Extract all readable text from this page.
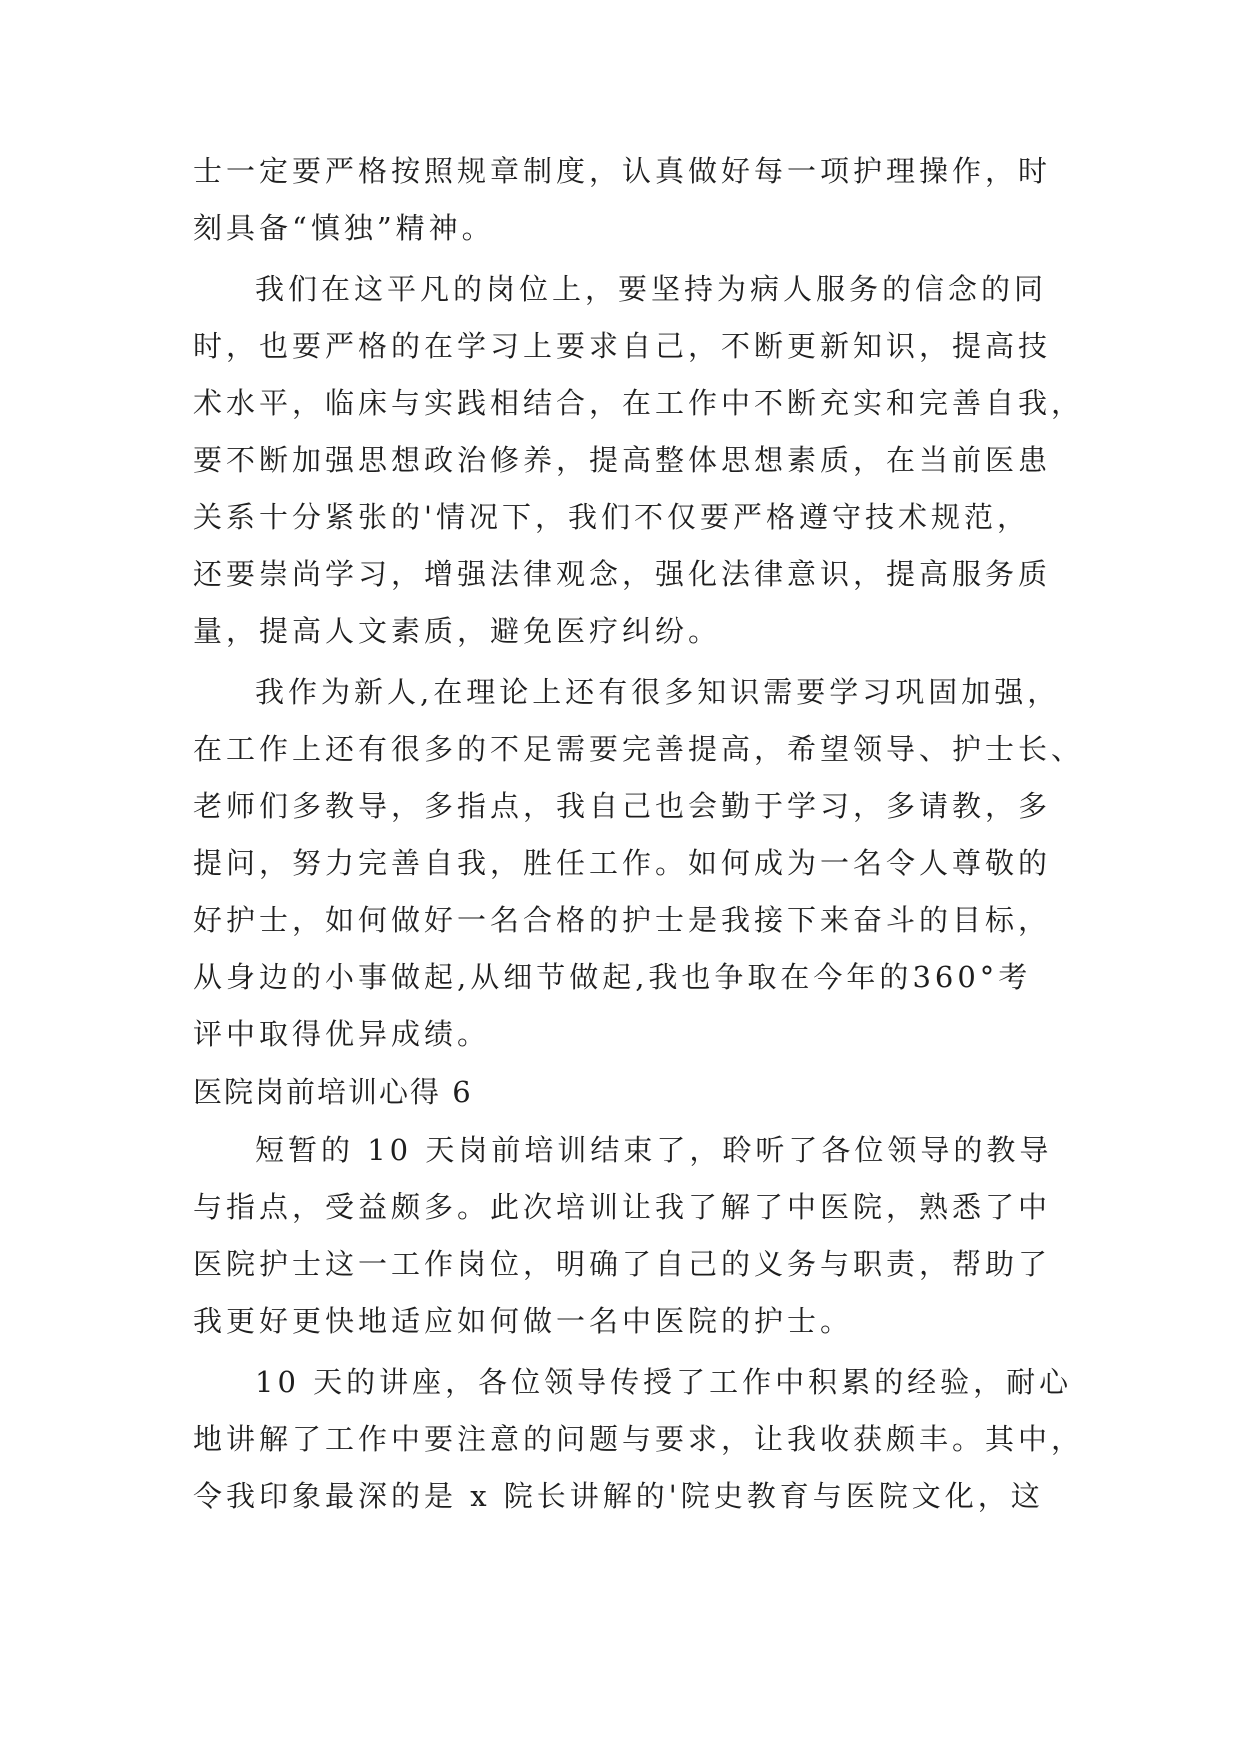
士一定要严格按照规章制度，认真做好每一项护理操作，时
刻具备“慎独”精神。
我们在这平凡的岗位上，要坚持为病人服务的信念的同
时，也要严格的在学习上要求自己，不断更新知识，提高技
术水平，临床与实践相结合，在工作中不断充实和完善自我，
要不断加强思想政治修养，提高整体思想素质，在当前医患
关系十分紧张的'情况下，我们不仅要严格遵守技术规范，
还要崇尚学习，增强法律观念，强化法律意识，提高服务质
量，提高人文素质，避免医疗纠纷。
我作为新人,在理论上还有很多知识需要学习巩固加强，
在工作上还有很多的不足需要完善提高，希望领导、护士长、
老师们多教导，多指点，我自己也会勤于学习，多请教，多
提问，努力完善自我，胜任工作。如何成为一名令人尊敬的
好护士，如何做好一名合格的护士是我接下来奋斗的目标，
从身边的小事做起,从细节做起,我也争取在今年的360°考
评中取得优异成绩。
医院岗前培训心得 6
短暂的 10 天岗前培训结束了，聆听了各位领导的教导
与指点，受益颇多。此次培训让我了解了中医院，熟悉了中
医院护士这一工作岗位，明确了自己的义务与职责，帮助了
我更好更快地适应如何做一名中医院的护士。
10 天的讲座，各位领导传授了工作中积累的经验，耐心
地讲解了工作中要注意的问题与要求，让我收获颇丰。其中，
令我印象最深的是 x 院长讲解的'院史教育与医院文化，这
